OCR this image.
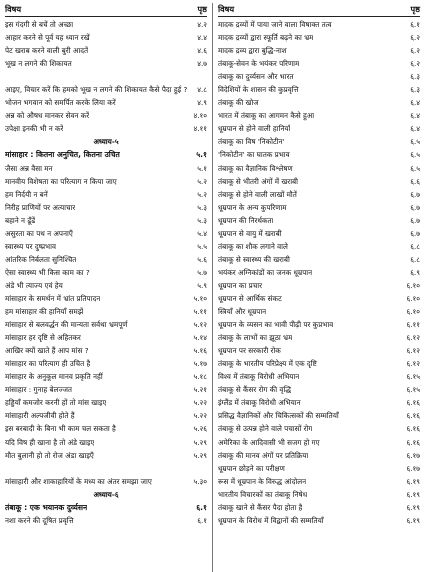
विषय	पृष्ठ
इस गंदगी से बचें तो अच्छा	४.२
आहार करने से पूर्व यह ध्यान रखें	४.४
पेट खराब करने वाली बुरी आदतें	४.६
भूख न लगने की शिकायत	४.७
आइए, विचार करें कि हमको भूख न लगने की शिकायत कैसे पैदा हुई ?	४.८
भोजन भगवान को समर्पित करके लिया करें	४.९
अन्न को औषध मानकर सेवन करें	४.१०
उपेक्षा इनकी भी न करें	४.११
अध्याय-५
मांसाहार : कितना अनुचित, कितना उचित	५.१
जैसा अन्न वैसा मन	५.१
मानवीय विशेषता का परित्याग न किया जाए	५.२
हम निर्दयी न बनें	५.२
निरीह प्राणियों पर अत्याचार	५.३
बहाने न ढूँढें	५.३
असुरता का पथ न अपनाएँ	५.४
स्वास्थ्य पर दुष्प्रभाव	५.५
आंतरिक निर्बलता सुनिश्चित	५.६
ऐसा स्वास्थ्य भी किस काम का ?	५.७
अंडे भी त्याज्य एवं हेय	५.९
मांसाहार के समर्थन में भ्रांत प्रतिपादन	५.१०
हम मांसाहार की हानियाँ समझें	५.११
मांसाहार से बलवर्द्धन की मान्यता सर्वथा भ्रमपूर्ण	५.१२
मांसाहार हर दृष्टि से अहितकर	५.१४
आखिर क्यों खाते हैं आप मांस ?	५.१६
मांसाहार का परित्याग ही उचित है	५.१७
मांसाहार के अनुकूल मानव प्रकृति नहीं	५.१८
मांसाहार : गुनाह बेलज्जत	५.२१
हड्डियाँ कमजोर करनी हों तो मांस खाइए	५.२२
मांसाहारी अल्पजीवी होते हैं	५.२२
इस बरबादी के बिना भी काम चल सकता है	५.२६
यदि विष ही खाना है तो अंडे खाइए	५.२९
मौत बुलानी हो तो रोज अंडा खाइएँ	५.२९
मांसाहारी और शाकाहारियों के मध्य का अंतर समझा जाए	५.३०
अध्याय-६
तंबाकू : एक भयानक दुर्व्यसन	६.१
नशा करने की दूषित प्रवृत्ति	६.१
विषय	पृष्ठ
मादक द्रव्यों में पाया जाने वाला विषाक्त तत्व	६.१
मादक द्रव्यों द्वारा स्फूर्ति बढ़ने का भ्रम	६.२
मादक द्रव्य द्वारा बुद्धि-नाश	६.२
तंबाकू-सेवन के भयंकर परिणाम	६.२
तंबाकू का दुर्व्यसन और भारत	६.३
विदेशियों के शासन की कुप्रवृत्ति	६.३
तंबाकू की खोज	६.४
भारत में तंबाकू का आगमन कैसे हुआ	६.४
धूम्रपान से होने वाली हानियाँ	६.४
तंबाकू का विष 'निकोटीन'	६.५
'निकोटीन' का घातक प्रभाव	६.५
तंबाकू का वैज्ञानिक विश्लेषण	६.५
तंबाकू से भीतरी अंगों में खराबी	६.६
तंबाकू से होने वाली लाखों मौतें	६.७
धूम्रपान के अन्य कुपरिणाम	६.७
धूम्रपान की निरर्थकता	६.७
धूम्रपान से वायु में खराबी	६.७
तंबाकू का शौक लगाने वाले	६.८
तंबाकू से स्वास्थ्य की खराबी	६.८
भयंकर अग्निकांडों का जनक धूम्रपान	६.९
धूम्रपान का प्रचार	६.१०
धूम्रपान से आर्थिक संकट	६.१०
स्त्रियाँ और धूम्रपान	६.१०
धूम्रपान के व्यसन का भावी पीढ़ी पर कुप्रभाव	६.११
तंबाकू के लाभों का झूठा भ्रम	६.१२
धूम्रपान पर सरकारी रोक	६.१२
तंबाकू के भारतीय परिप्रेक्ष्य में एक दृष्टि	६.१२
विश्व में तंबाकू विरोधी अभियान	६.१५
तंबाकू से कैंसर रोग की वृद्धि	६.१५
इंग्लैंड में तंबाकू विरोधी अभियान	६.१६
प्रसिद्ध वैज्ञानिकों और चिकित्सकों की सम्मतियाँ	६.१६
तंबाकू से उत्पन्न होने वाले पचासों रोग	६.१६
अमेरिका के आदिवासी भी सजग हो गए	६.१६
तंबाकू की मानव अंगों पर प्रतिक्रिया	६.१७
धूम्रपान छोड़ने का परीक्षण	६.१७
रूस में धूम्रपान के विरुद्ध आंदोलन	६.१९
भारतीय विचारकों का तंबाकू निषेध	६.१९
तंबाकू खाने से कैंसर पैदा होता है	६.१९
धूम्रपान के विरोध में विद्वानों की सम्मतियाँ	६.१९
